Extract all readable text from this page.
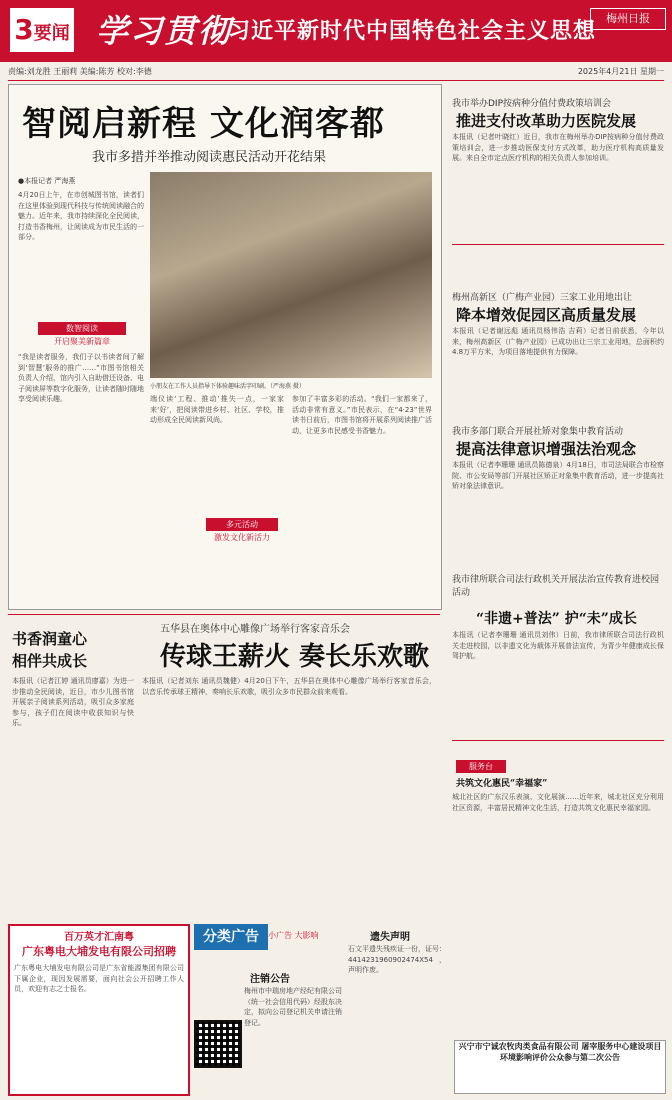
3要闻 学习贯彻
习近平新时代中国特色社会主义思想
梅州日报
责编:刘龙胜 王丽莉 美编:陈芳 校对:李德	2025年4月21日 星期一
智阅启新程 文化润客都
我市多措并举推动阅读惠民活动开花结果
●本报记者 严海燕
4月20日上午，在市创城图书馆，读者们在这里体验到现代科技与传统阅读融合的魅力。近年来，我市持续深化全民阅读，打造书香梅州，让阅读成为市民生活的一部分。
数智阅读
开启聚美新篇章
“我是读者服务，我们子以书读者间了解到‘智慧’服务的推广……”市图书馆相关负责人介绍，馆内引入自助借还设备、电子阅读屏等数字化服务，让读者随时随地享受阅读乐趣。
小朋友在工作人员指导下体验趣味活字印刷。（严海燕 摄）
端仪读‘工程、推动’推失一点，一家家来‘好’，把阅读带进乡村、社区、学校，推动形成全民阅读新风尚。
多元活动
激发文化新活力
参加了丰富多彩的活动。“我们一家都来了，活动非常有意义。”市民表示，在“4·23”世界读书日前后，市图书馆将开展系列阅读推广活动，让更多市民感受书香魅力。
我市举办DIP按病种分值付费政策培训会
推进支付改革助力医院发展
本报讯（记者叶晓红）近日，我市在梅州举办DIP按病种分值付费政策培训会，进一步推动医保支付方式改革，助力医疗机构高质量发展。来自全市定点医疗机构的相关负责人参加培训。
梅州高新区（广梅产业园）三家工业用地出让
降本增效促园区高质量发展
本报讯（记者谢远彪 通讯员杨伟浩 吉莉）记者日前获悉，今年以来，梅州高新区（广梅产业园）已成功出让三宗工业用地，总面积约4.8万平方米，为项目落地提供有力保障。
我市多部门联合开展社矫对象集中教育活动
提高法律意识增强法治观念
本报讯（记者李珊珊 通讯员陈德泉）4月18日，市司法局联合市检察院、市公安局等部门开展社区矫正对象集中教育活动，进一步提高社矫对象法律意识。
我市律所联合司法行政机关开展法治宣传教育进校园活动
“非遗+普法” 护“未”成长
本报讯（记者李珊珊 通讯员刘伟）日前，我市律所联合司法行政机关走进校园，以非遗文化为载体开展普法宣传，为青少年健康成长保驾护航。
书香润童心
相伴共成长
本报讯（记者江婷 通讯员廖嘉）为进一步推动全民阅读，近日，市少儿图书馆开展亲子阅读系列活动，吸引众多家庭参与，孩子们在阅读中收获知识与快乐。
五华县在奥体中心雕像广场举行客家音乐会
传球王薪火 奏长乐欢歌
本报讯（记者刘东 通讯员魏健）4月20日下午，五华县在奥体中心雕像广场举行客家音乐会，以音乐传承球王精神，奏响长乐欢歌，吸引众多市民群众前来观看。
服务台
共筑文化惠民“幸福家”
城北社区的广东汉乐表演、文化展演……近年来，城北社区充分利用社区资源，丰富居民精神文化生活，打造共筑文化惠民幸福家园。
百万英才汇南粤
广东粤电大埔发电有限公司招聘
广东粤电大埔发电有限公司是广东省能源集团有限公司下属企业，现因发展需要，面向社会公开招聘工作人员，欢迎有志之士报名。
分类广告	小广告 大影响
注销公告
梅州市中瑞房地产经纪有限公司（统一社会信用代码）经股东决定，拟向公司登记机关申请注销登记。
遗失声明
石文平遗失残疾证一份，证号：4414231960902474X54，声明作废。
兴宁市宁诚农牧肉类食品有限公司 屠宰服务中心建设项目环境影响评价公众参与第二次公告
